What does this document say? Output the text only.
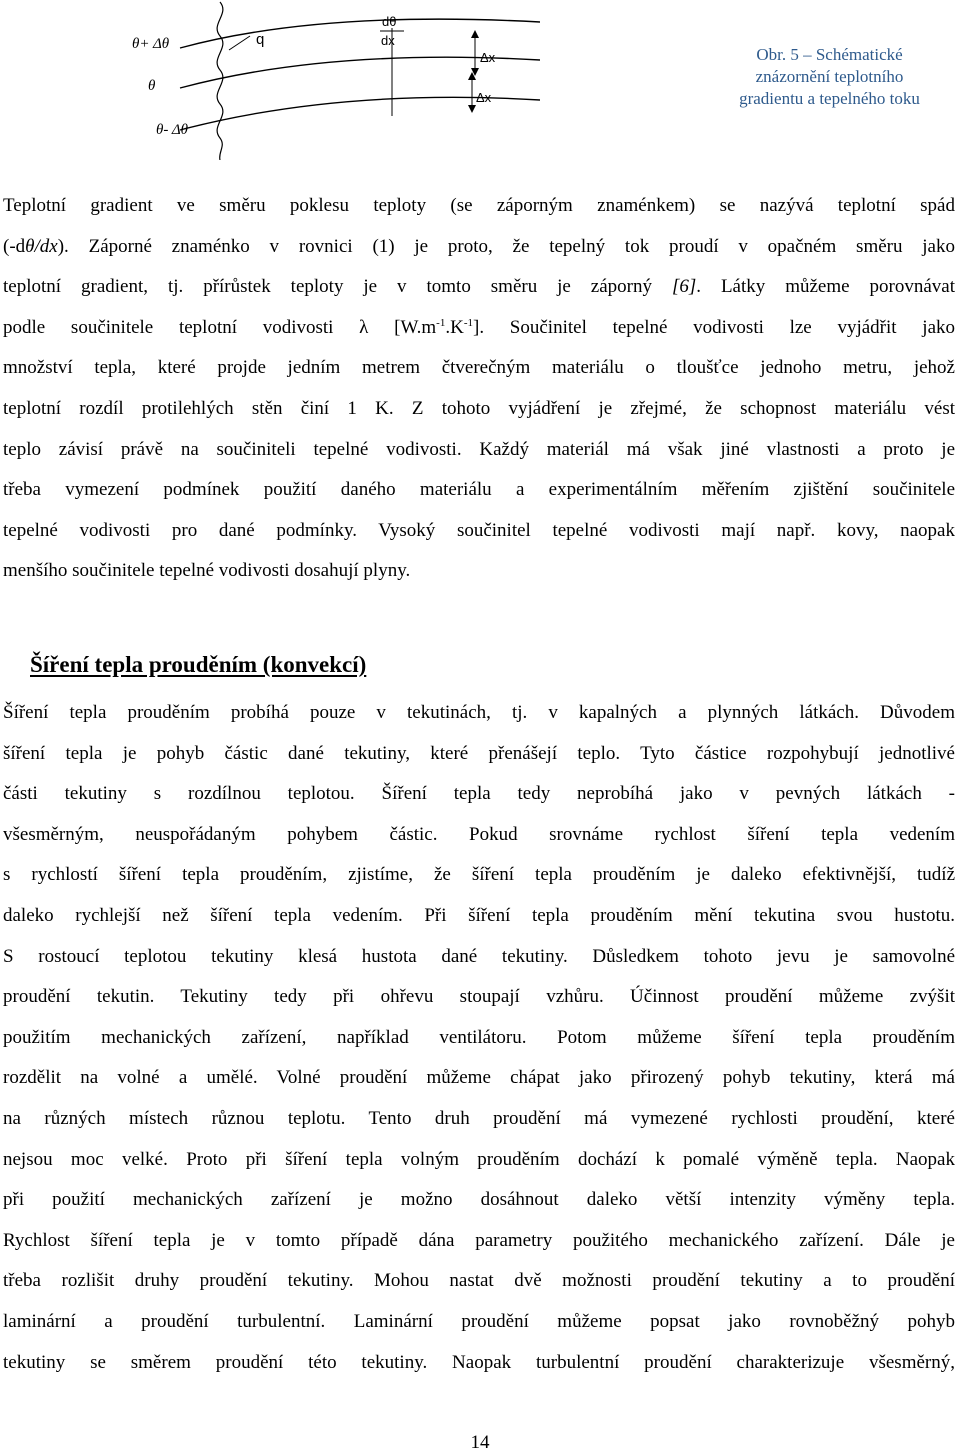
θ+ Δθ
θ
θ- Δθ
q
dθ
dx
Δx
Δx
Obr. 5 – Schématické
znázornění teplotního
gradientu a tepelného toku
Teplotní gradient ve směru poklesu teploty (se záporným znaménkem) se nazývá teplotní spád
(-dθ/dx). Záporné znaménko v rovnici (1) je proto, že tepelný tok proudí v opačném směru jako
teplotní gradient, tj. přírůstek teploty je v tomto směru je záporný [6]. Látky můžeme porovnávat
podle součinitele teplotní vodivosti λ $[W.m^{-1}.K^{-1}]$. Součinitel tepelné vodivosti lze vyjádřit jako
množství tepla, které projde jedním metrem čtverečným materiálu o tloušťce jednoho metru, jehož
teplotní rozdíl protilehlých stěn činí 1 K. Z tohoto vyjádření je zřejmé, že schopnost materiálu vést
teplo závisí právě na součiniteli tepelné vodivosti. Každý materiál má však jiné vlastnosti a proto je
třeba vymezení podmínek použití daného materiálu a experimentálním měřením zjištění součinitele
tepelné vodivosti pro dané podmínky. Vysoký součinitel tepelné vodivosti mají např. kovy, naopak
menšího součinitele tepelné vodivosti dosahují plyny.
Šíření tepla prouděním (konvekcí)
Šíření tepla prouděním probíhá pouze v tekutinách, tj. v kapalných a plynných látkách. Důvodem
šíření tepla je pohyb částic dané tekutiny, které přenášejí teplo. Tyto částice rozpohybují jednotlivé
části tekutiny s rozdílnou teplotou. Šíření tepla tedy neprobíhá jako v pevných látkách -
všesměrným, neuspořádaným pohybem částic. Pokud srovnáme rychlost šíření tepla vedením
s rychlostí šíření tepla prouděním, zjistíme, že šíření tepla prouděním je daleko efektivnější, tudíž
daleko rychlejší než šíření tepla vedením. Při šíření tepla prouděním mění tekutina svou hustotu.
S rostoucí teplotou tekutiny klesá hustota dané tekutiny. Důsledkem tohoto jevu je samovolné
proudění tekutin. Tekutiny tedy při ohřevu stoupají vzhůru. Účinnost proudění můžeme zvýšit
použitím mechanických zařízení, například ventilátoru. Potom můžeme šíření tepla prouděním
rozdělit na volné a umělé. Volné proudění můžeme chápat jako přirozený pohyb tekutiny, která má
na různých místech různou teplotu. Tento druh proudění má vymezené rychlosti proudění, které
nejsou moc velké. Proto při šíření tepla volným prouděním dochází k pomalé výměně tepla. Naopak
při použití mechanických zařízení je možno dosáhnout daleko větší intenzity výměny tepla.
Rychlost šíření tepla je v tomto případě dána parametry použitého mechanického zařízení. Dále je
třeba rozlišit druhy proudění tekutiny. Mohou nastat dvě možnosti proudění tekutiny a to proudění
laminární a proudění turbulentní. Laminární proudění můžeme popsat jako rovnoběžný pohyb
tekutiny se směrem proudění této tekutiny. Naopak turbulentní proudění charakterizuje všesměrný,
14
